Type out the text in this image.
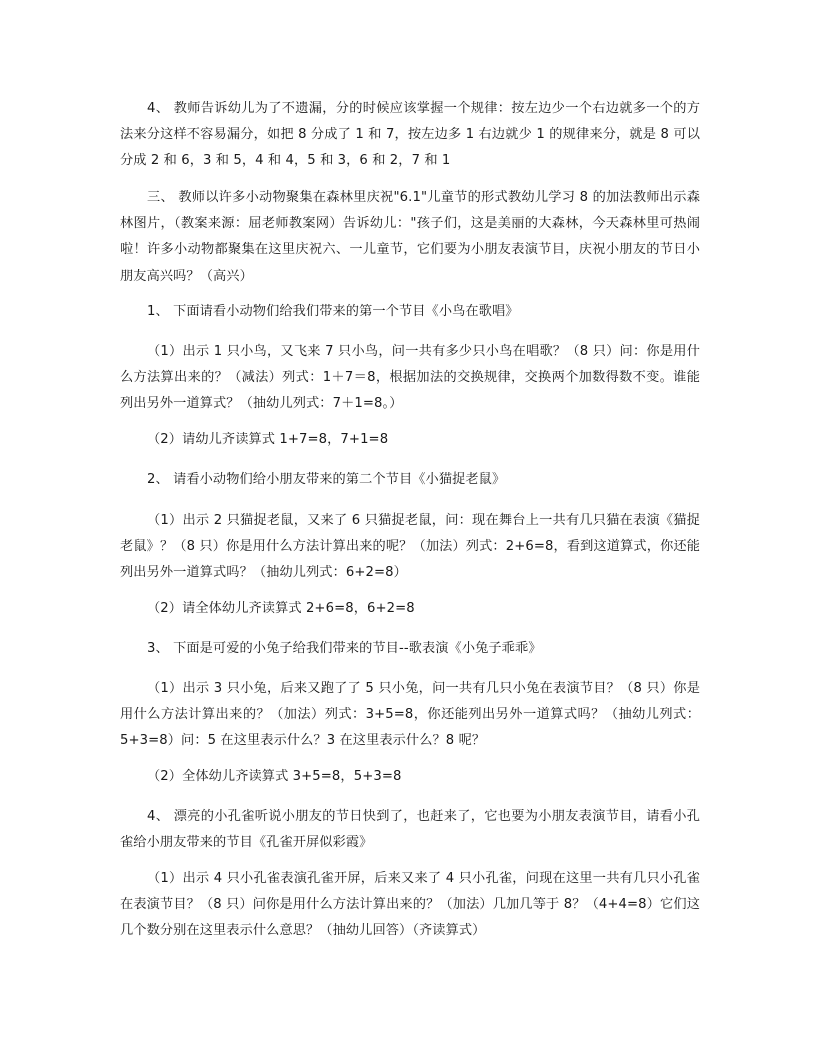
4、 教师告诉幼儿为了不遗漏，分的时候应该掌握一个规律：按左边少一个右边就多一个的方法来分这样不容易漏分，如把 8 分成了 1 和 7，按左边多 1 右边就少 1 的规律来分，就是 8 可以分成 2 和 6，3 和 5，4 和 4，5 和 3，6 和 2，7 和 1

三、 教师以许多小动物聚集在森林里庆祝"6.1"儿童节的形式教幼儿学习 8 的加法教师出示森林图片，（教案来源：屈老师教案网）告诉幼儿："孩子们，这是美丽的大森林，今天森林里可热闹啦！许多小动物都聚集在这里庆祝六、一儿童节，它们要为小朋友表演节目，庆祝小朋友的节日小朋友高兴吗？（高兴）

1、 下面请看小动物们给我们带来的第一个节目《小鸟在歌唱》

（1）出示 1 只小鸟，又飞来 7 只小鸟，问一共有多少只小鸟在唱歌？（8 只）问：你是用什么方法算出来的？（减法）列式：1＋7＝8，根据加法的交换规律，交换两个加数得数不变。谁能列出另外一道算式？（抽幼儿列式：7＋1=8。）

（2）请幼儿齐读算式 1+7=8，7+1=8

2、 请看小动物们给小朋友带来的第二个节目《小猫捉老鼠》

（1）出示 2 只猫捉老鼠，又来了 6 只猫捉老鼠，问：现在舞台上一共有几只猫在表演《猫捉老鼠》？（8 只）你是用什么方法计算出来的呢？（加法）列式：2+6=8，看到这道算式，你还能列出另外一道算式吗？（抽幼儿列式：6+2=8）

（2）请全体幼儿齐读算式 2+6=8，6+2=8

3、 下面是可爱的小兔子给我们带来的节目--歌表演《小兔子乖乖》

（1）出示 3 只小兔，后来又跑了了 5 只小兔，问一共有几只小兔在表演节目？（8 只）你是用什么方法计算出来的？（加法）列式：3+5=8，你还能列出另外一道算式吗？（抽幼儿列式：5+3=8）问：5 在这里表示什么？3 在这里表示什么？8 呢？

（2）全体幼儿齐读算式 3+5=8，5+3=8

4、 漂亮的小孔雀听说小朋友的节日快到了，也赶来了，它也要为小朋友表演节目，请看小孔雀给小朋友带来的节目《孔雀开屏似彩霞》

（1）出示 4 只小孔雀表演孔雀开屏，后来又来了 4 只小孔雀，问现在这里一共有几只小孔雀在表演节目？（8 只）问你是用什么方法计算出来的？（加法）几加几等于 8？（4+4=8）它们这几个数分别在这里表示什么意思？（抽幼儿回答）（齐读算式）
